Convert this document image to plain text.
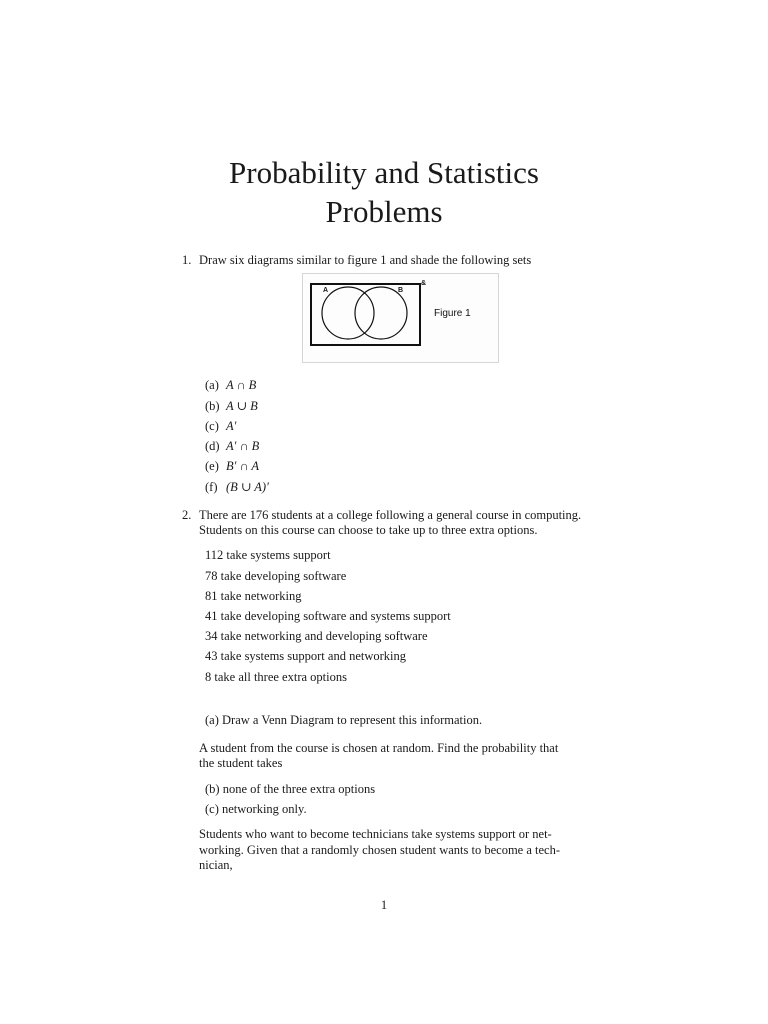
Probability and Statistics
Problems
1. Draw six diagrams similar to figure 1 and shade the following sets
A	B
&
Figure 1
(a) A ∩ B
(b) A ∪ B
(c) A′
(d) A′ ∩ B
(e) B′ ∩ A
(f) (B ∪ A)′
2. There are 176 students at a college following a general course in computing.
Students on this course can choose to take up to three extra options.
112 take systems support
78 take developing software
81 take networking
41 take developing software and systems support
34 take networking and developing software
43 take systems support and networking
8 take all three extra options
(a) Draw a Venn Diagram to represent this information.
A student from the course is chosen at random. Find the probability that
the student takes
(b) none of the three extra options
(c) networking only.
Students who want to become technicians take systems support or net-
working. Given that a randomly chosen student wants to become a tech-
nician,
1
